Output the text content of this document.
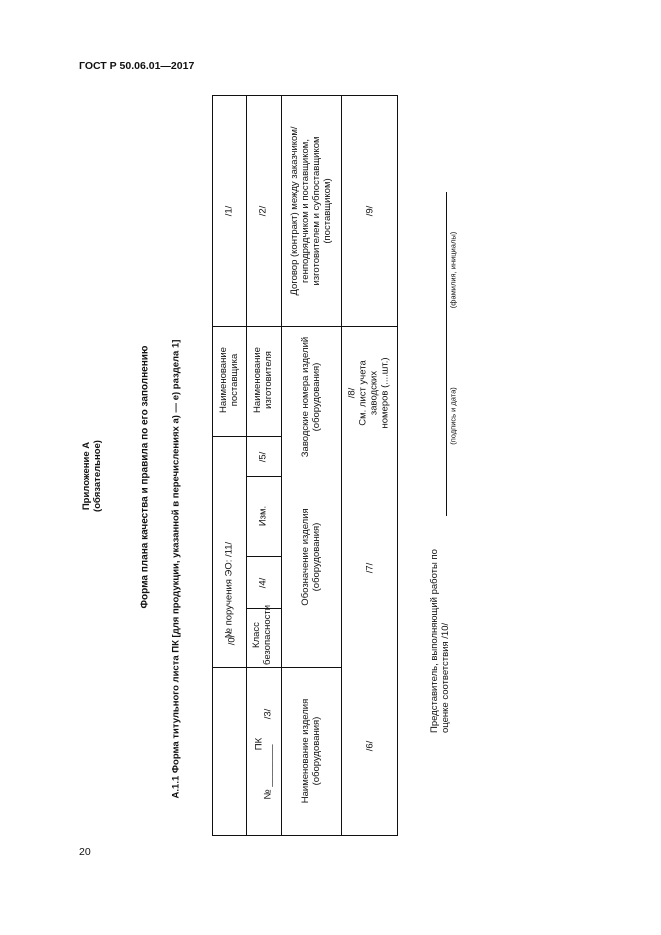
ГОСТ Р 50.06.01—2017
20
Приложение А (обязательное)	Форма плана качества и правила по его заполнению А.1.1 Форма титульного листа ПК [для продукции, указанной в перечислениях а) — е) раздела 1]	№ поручения ЭО: /11/
ПК
№ ________
/3/
/0/ Класс безопасности
/4/
Изм.
/5/
Наименование поставщика Наименование изготовителя
/1/ /2/
Наименование изделия (оборудования)
Обозначение изделия (оборудования)
Заводские номера изделий (оборудования)
Договор (контракт) между заказчиком/ генподрядчиком и поставщиком, изготовителем и субпоставщиком (поставщиком)
/6/
/7/
/8/ См. лист учета заводских номеров (....шт.)
/9/
Представитель, выполняющий работы по оценке соответствия /10/
(подпись и дата)
(фамилия, инициалы)
